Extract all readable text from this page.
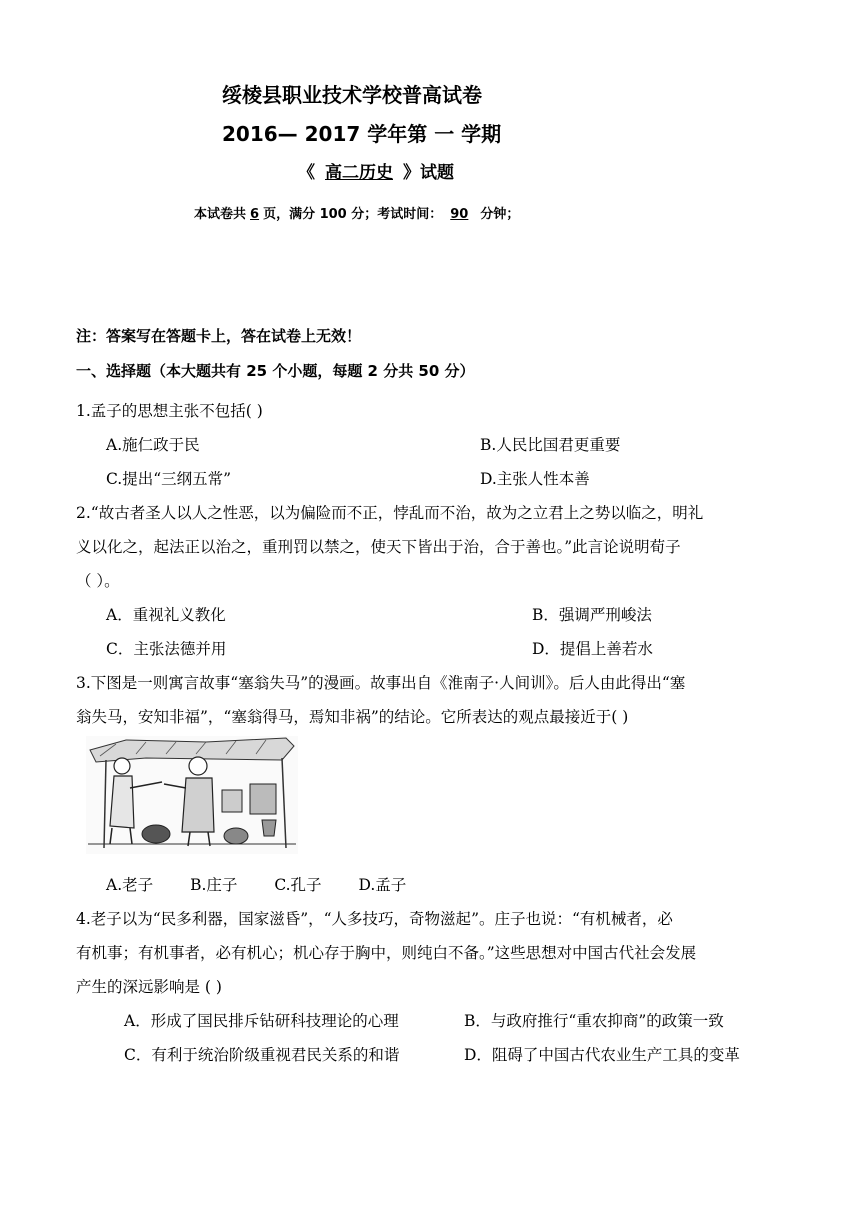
绥棱县职业技术学校普高试卷
2016— 2017 学年第 一 学期
《 高二历史 》试题
本试卷共 6 页，满分 100 分；考试时间： 90 分钟；
注：答案写在答题卡上，答在试卷上无效！
一、选择题（本大题共有 25 个小题，每题 2 分共 50 分）
1.孟子的思想主张不包括( )
A.施仁政于民	B.人民比国君更重要
C.提出“三纲五常”	D.主张人性本善
2.“故古者圣人以人之性恶，以为偏险而不正，悖乱而不治，故为之立君上之势以临之，明礼
义以化之，起法正以治之，重刑罚以禁之，使天下皆出于治，合于善也。”此言论说明荀子
（ ）。
A．重视礼义教化	B．强调严刑峻法
C．主张法德并用	D．提倡上善若水
3.下图是一则寓言故事“塞翁失马”的漫画。故事出自《淮南子·人间训》。后人由此得出“塞
翁失马，安知非福”，“塞翁得马，焉知非祸”的结论。它所表达的观点最接近于( )
A.老子 B.庄子 C.孔子 D.孟子
4.老子以为“民多利器，国家滋昏”，“人多技巧，奇物滋起”。庄子也说：“有机械者，必
有机事；有机事者，必有机心；机心存于胸中，则纯白不备。”这些思想对中国古代社会发展
产生的深远影响是 ( )
A．形成了国民排斥钻研科技理论的心理	B．与政府推行“重农抑商”的政策一致
C．有利于统治阶级重视君民关系的和谐	D．阻碍了中国古代农业生产工具的变革
